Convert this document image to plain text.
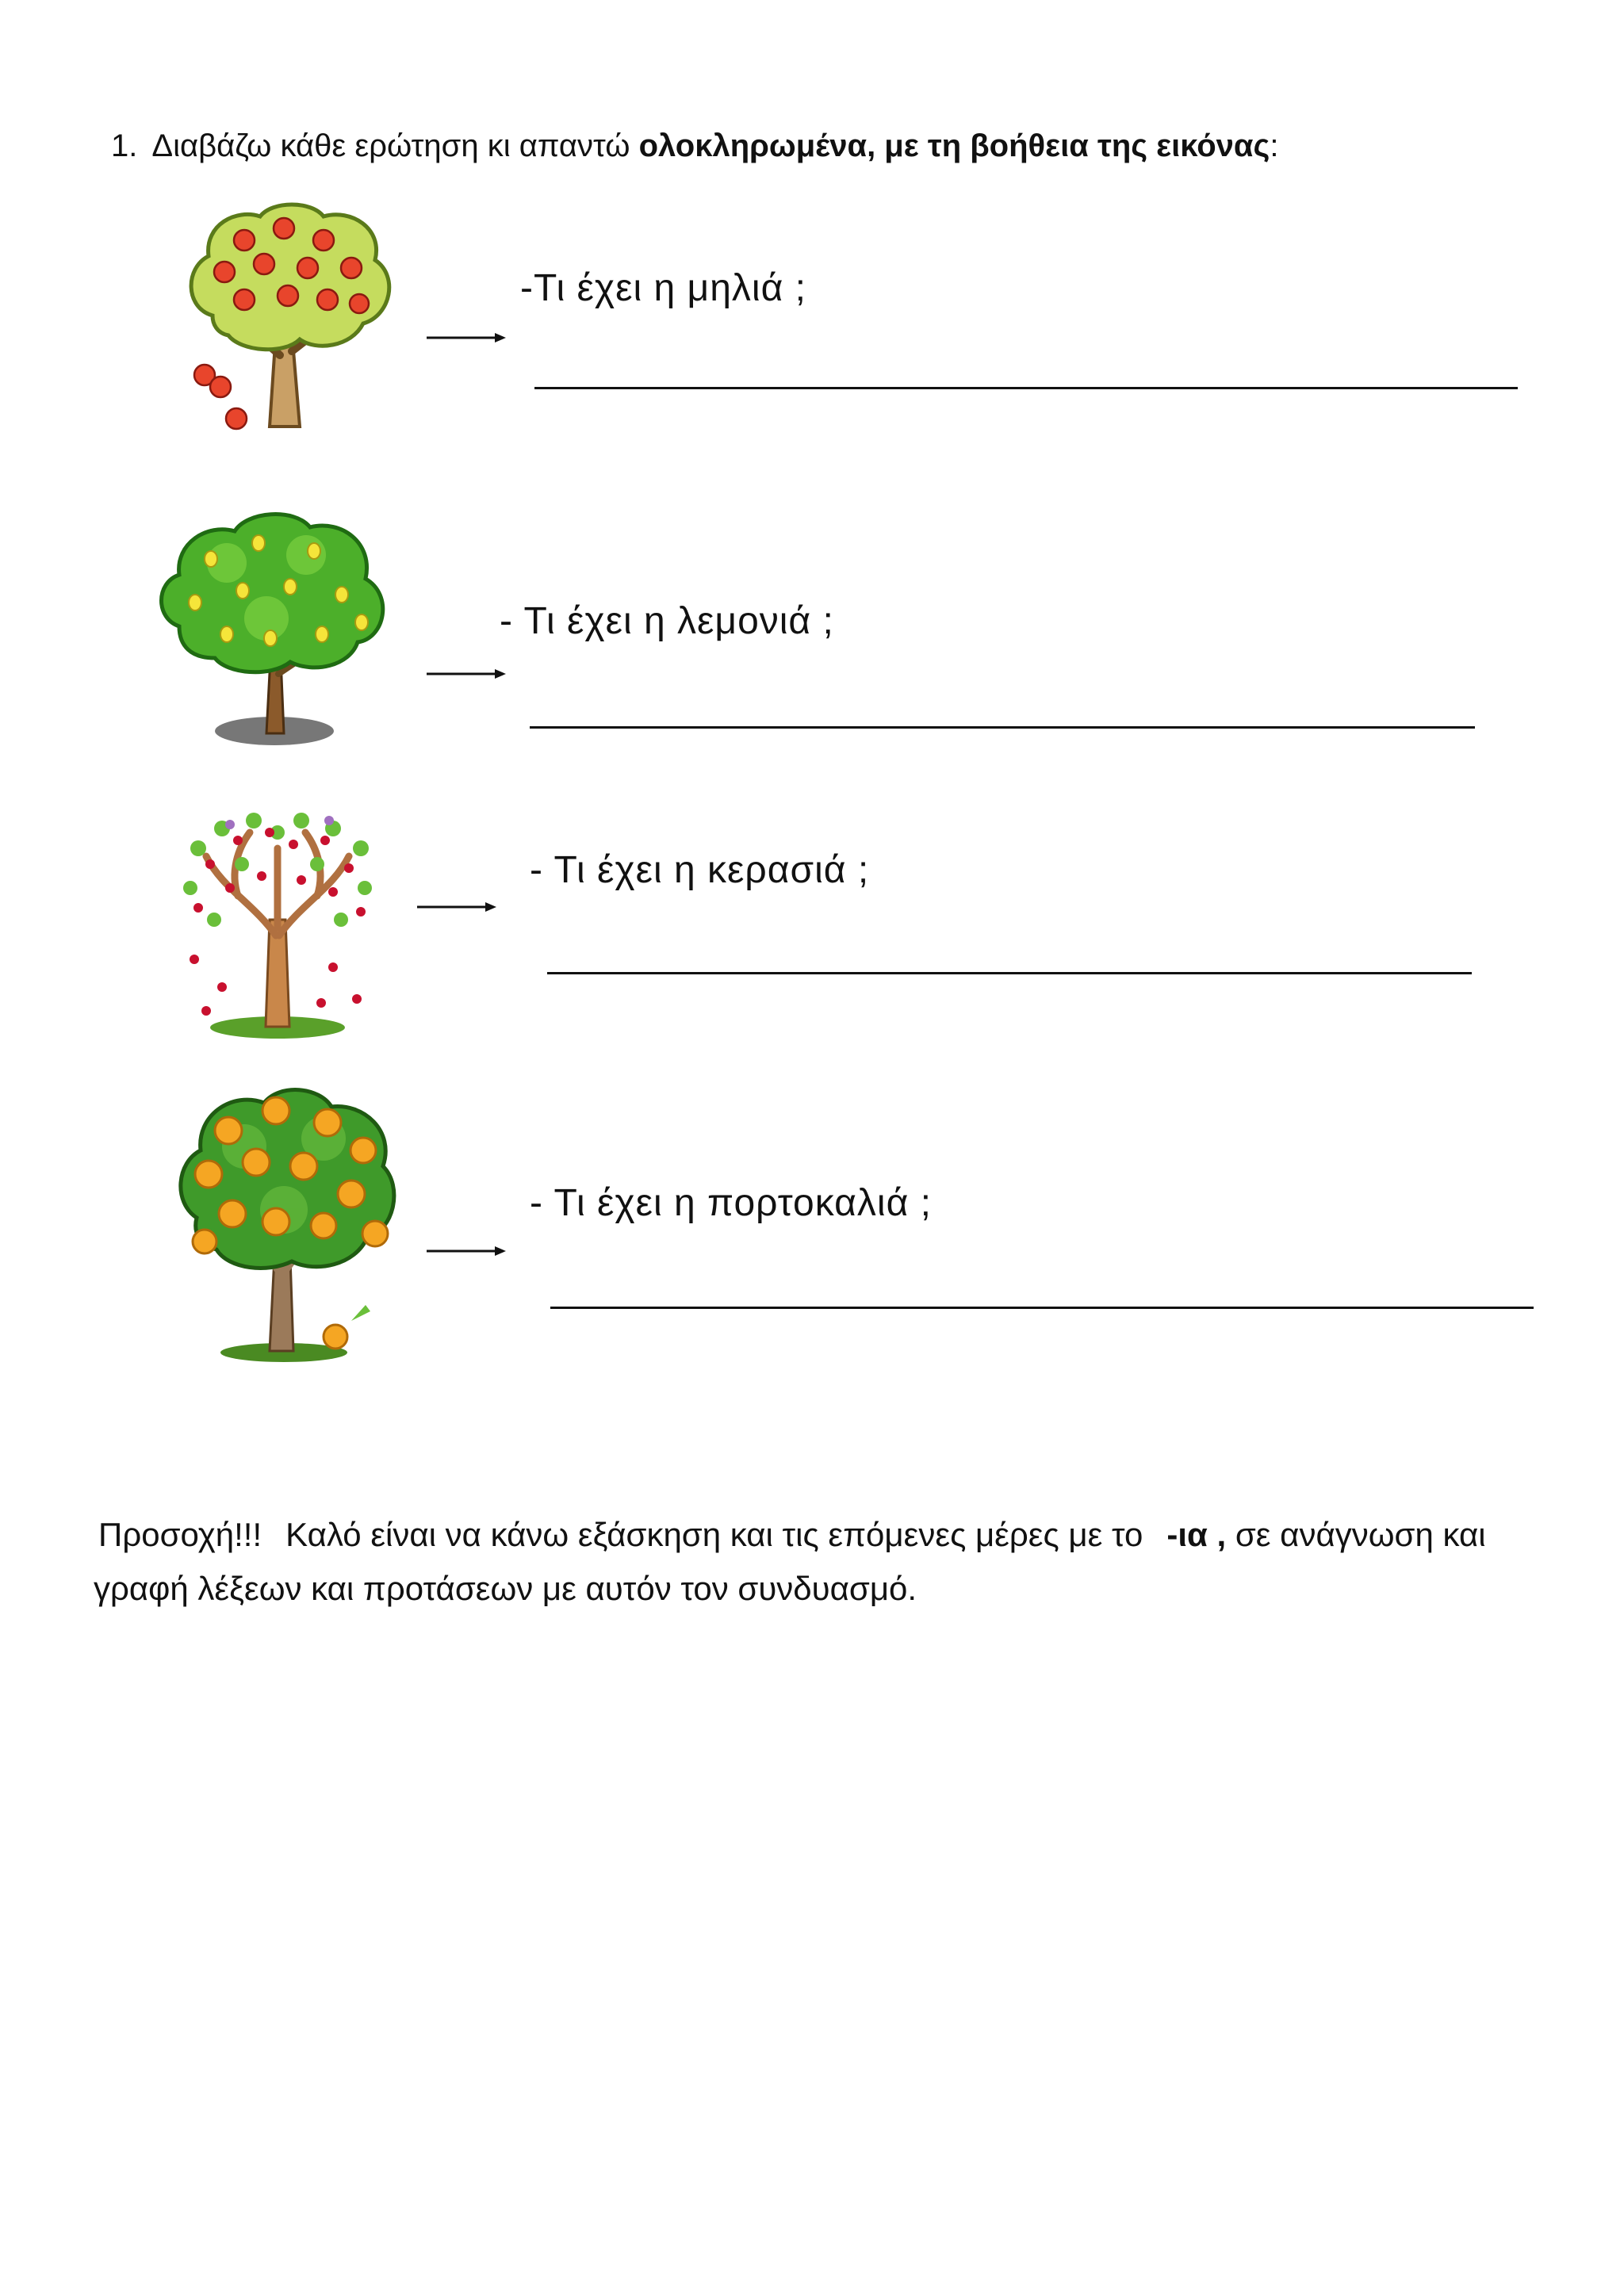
1. Διαβάζω κάθε ερώτηση κι απαντώ ολοκληρωμένα, με τη βοήθεια της εικόνας:
-Τι έχει η μηλιά ;
- Τι έχει η λεμονιά ;
- Τι έχει η κερασιά ;
- Τι έχει η πορτοκαλιά ;
Προσοχή!!! Καλό είναι να κάνω εξάσκηση και τις επόμενες μέρες με το -ια , σε ανάγνωση και γραφή λέξεων και προτάσεων με αυτόν τον συνδυασμό.
